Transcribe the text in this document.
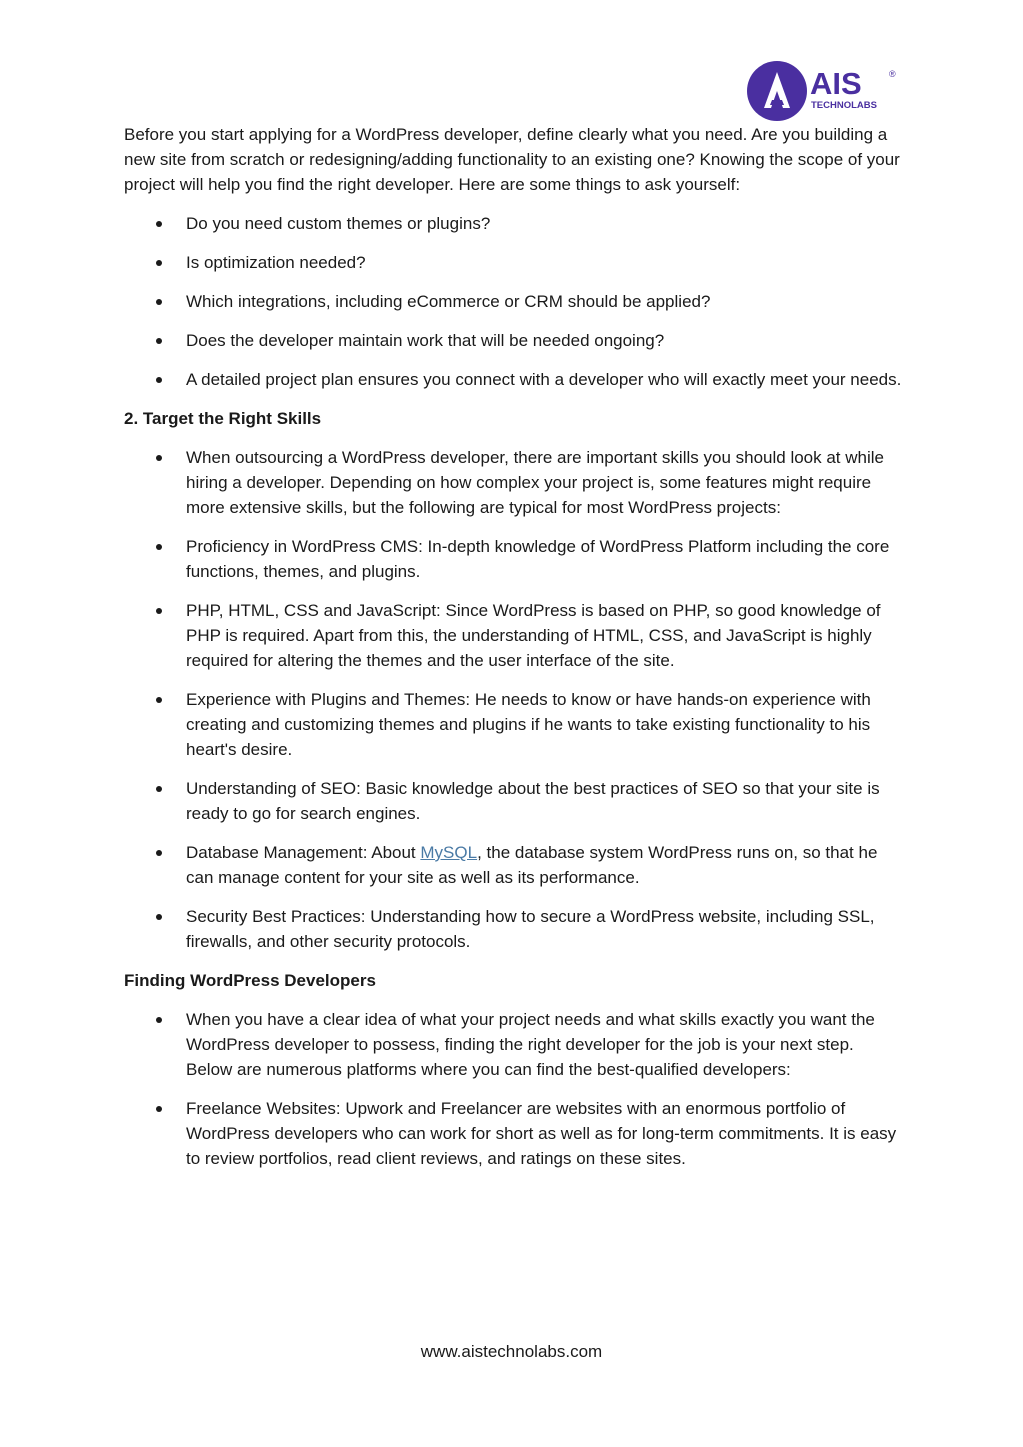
AIS	®
TECHNOLABS

Before you start applying for a WordPress developer, define clearly what you need. Are you building a new site from scratch or redesigning/adding functionality to an existing one? Knowing the scope of your project will help you find the right developer. Here are some things to ask yourself:

Do you need custom themes or plugins?
Is optimization needed?
Which integrations, including eCommerce or CRM should be applied?
Does the developer maintain work that will be needed ongoing?
A detailed project plan ensures you connect with a developer who will exactly meet your needs.

2. Target the Right Skills

When outsourcing a WordPress developer, there are important skills you should look at while hiring a developer. Depending on how complex your project is, some features might require more extensive skills, but the following are typical for most WordPress projects:
Proficiency in WordPress CMS: In-depth knowledge of WordPress Platform including the core functions, themes, and plugins.
PHP, HTML, CSS and JavaScript: Since WordPress is based on PHP, so good knowledge of PHP is required. Apart from this, the understanding of HTML, CSS, and JavaScript is highly required for altering the themes and the user interface of the site.
Experience with Plugins and Themes: He needs to know or have hands-on experience with creating and customizing themes and plugins if he wants to take existing functionality to his heart's desire.
Understanding of SEO: Basic knowledge about the best practices of SEO so that your site is ready to go for search engines.
Database Management: About MySQL, the database system WordPress runs on, so that he can manage content for your site as well as its performance.
Security Best Practices: Understanding how to secure a WordPress website, including SSL, firewalls, and other security protocols.

Finding WordPress Developers

When you have a clear idea of what your project needs and what skills exactly you want the WordPress developer to possess, finding the right developer for the job is your next step. Below are numerous platforms where you can find the best-qualified developers:
Freelance Websites: Upwork and Freelancer are websites with an enormous portfolio of WordPress developers who can work for short as well as for long-term commitments. It is easy to review portfolios, read client reviews, and ratings on these sites.
www.aistechnolabs.com
